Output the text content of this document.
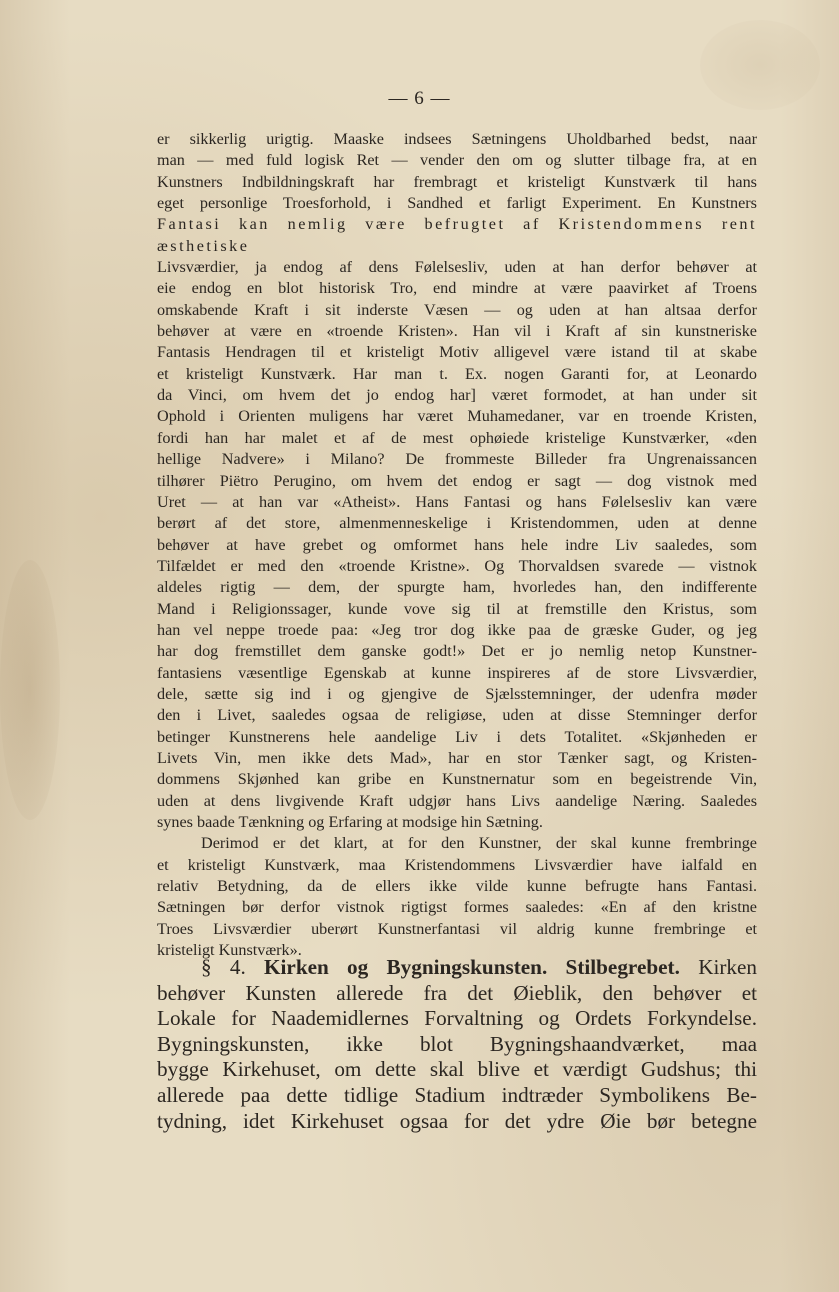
— 6 —
er sikkerlig urigtig. Maaske indsees Sætningens Uholdbarhed bedst, naar
man — med fuld logisk Ret — vender den om og slutter tilbage fra, at en
Kunstners Indbildningskraft har frembragt et kristeligt Kunstværk til hans
eget personlige Troesforhold, i Sandhed et farligt Experiment. En Kunstners
Fantasi kan nemlig være befrugtet af Kristendommens rent æsthetiske
Livsværdier, ja endog af dens Følelsesliv, uden at han derfor behøver at
eie endog en blot historisk Tro, end mindre at være paavirket af Troens
omskabende Kraft i sit inderste Væsen — og uden at han altsaa derfor
behøver at være en «troende Kristen». Han vil i Kraft af sin kunstneriske
Fantasis Hendragen til et kristeligt Motiv alligevel være istand til at skabe
et kristeligt Kunstværk. Har man t. Ex. nogen Garanti for, at Leonardo
da Vinci, om hvem det jo endog har] været formodet, at han under sit
Ophold i Orienten muligens har været Muhamedaner, var en troende Kristen,
fordi han har malet et af de mest ophøiede kristelige Kunstværker, «den
hellige Nadvere» i Milano? De frommeste Billeder fra Ungrenaissancen
tilhører Piëtro Perugino, om hvem det endog er sagt — dog vistnok med
Uret — at han var «Atheist». Hans Fantasi og hans Følelsesliv kan være
berørt af det store, almenmenneskelige i Kristendommen, uden at denne
behøver at have grebet og omformet hans hele indre Liv saaledes, som
Tilfældet er med den «troende Kristne». Og Thorvaldsen svarede — vistnok
aldeles rigtig — dem, der spurgte ham, hvorledes han, den indifferente
Mand i Religionssager, kunde vove sig til at fremstille den Kristus, som
han vel neppe troede paa: «Jeg tror dog ikke paa de græske Guder, og jeg
har dog fremstillet dem ganske godt!» Det er jo nemlig netop Kunstner-
fantasiens væsentlige Egenskab at kunne inspireres af de store Livsværdier,
dele, sætte sig ind i og gjengive de Sjælsstemninger, der udenfra møder
den i Livet, saaledes ogsaa de religiøse, uden at disse Stemninger derfor
betinger Kunstnerens hele aandelige Liv i dets Totalitet. «Skjønheden er
Livets Vin, men ikke dets Mad», har en stor Tænker sagt, og Kristen-
dommens Skjønhed kan gribe en Kunstnernatur som en begeistrende Vin,
uden at dens livgivende Kraft udgjør hans Livs aandelige Næring. Saaledes
synes baade Tænkning og Erfaring at modsige hin Sætning.
Derimod er det klart, at for den Kunstner, der skal kunne frembringe
et kristeligt Kunstværk, maa Kristendommens Livsværdier have ialfald en
relativ Betydning, da de ellers ikke vilde kunne befrugte hans Fantasi.
Sætningen bør derfor vistnok rigtigst formes saaledes: «En af den kristne
Troes Livsværdier uberørt Kunstnerfantasi vil aldrig kunne frembringe et
kristeligt Kunstværk».
§ 4. Kirken og Bygningskunsten. Stilbegrebet. Kirken
behøver Kunsten allerede fra det Øieblik, den behøver et
Lokale for Naademidlernes Forvaltning og Ordets Forkyndelse.
Bygningskunsten, ikke blot Bygningshaandværket, maa
bygge Kirkehuset, om dette skal blive et værdigt Gudshus; thi
allerede paa dette tidlige Stadium indtræder Symbolikens Be-
tydning, idet Kirkehuset ogsaa for det ydre Øie bør betegne
